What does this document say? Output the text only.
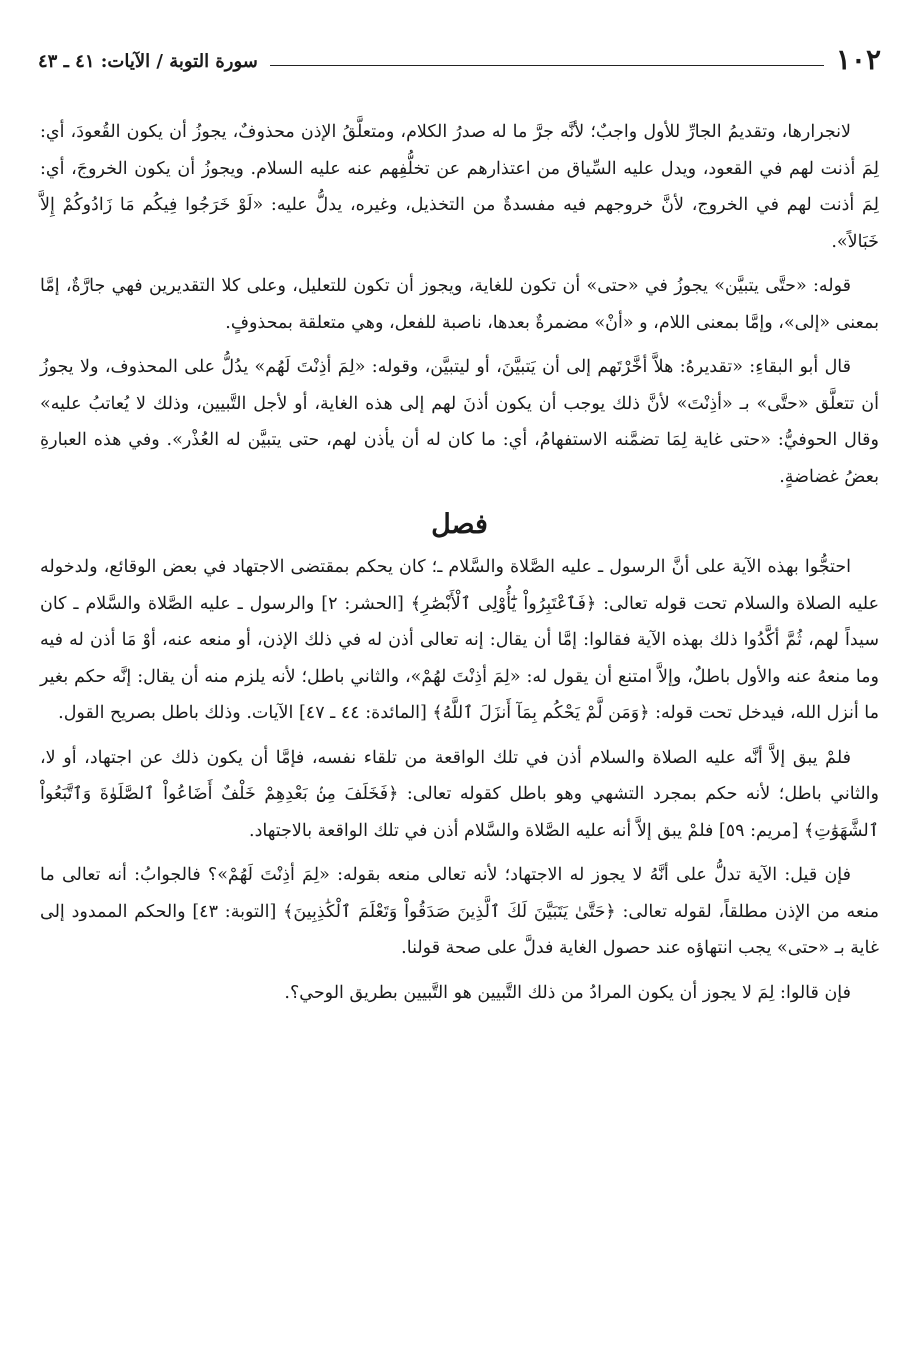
١٠٢
سورة التوبة / الآيات: ٤١ ـ ٤٣

لانجرارها، وتقديمُ الجارِّ للأول واجبٌ؛ لأنَّه جرَّ ما له صدرُ الكلام، ومتعلَّقُ الإذن محذوفٌ، يجوزُ أن يكون القُعودَ، أي: لِمَ أذنت لهم في القعود، ويدل عليه السِّياق من اعتذارهم عن تخلُّفِهم عنه عليه السلام. ويجوزُ أن يكون الخروجَ، أي: لِمَ أذنت لهم في الخروج، لأنَّ خروجهم فيه مفسدةٌ من التخذيل، وغيره، يدلُّ عليه: «لَوْ خَرَجُوا فِيكُم مَا زَادُوكُمْ إِلاَّ خَبَالاً».

قوله: «حتَّى يتبيَّن» يجوزُ في «حتى» أن تكون للغاية، ويجوز أن تكون للتعليل، وعلى كلا التقديرين فهي جارَّةٌ، إمَّا بمعنى «إلى»، وإمَّا بمعنى اللام، و «أنْ» مضمرةٌ بعدها، ناصبة للفعل، وهي متعلقة بمحذوفٍ.

قال أبو البقاءِ: «تقديرهُ: هلاَّ أخَّرْتَهم إلى أن يَتبيَّنَ، أو ليتبيَّن، وقوله: «لِمَ أذِنْتَ لَهُم» يدُلُّ على المحذوف، ولا يجوزُ أن تتعلَّق «حتَّى» بـ «أذِنْتَ» لأنَّ ذلك يوجب أن يكون أذنَ لهم إلى هذه الغاية، أو لأجل التَّبيين، وذلك لا يُعاتبُ عليه» وقال الحوفيُّ: «حتى غاية لِمَا تضمَّنه الاستفهامُ، أي: ما كان له أن يأذن لهم، حتى يتبيَّن له العُذْر». وفي هذه العبارةِ بعضُ غضاضةٍ.

فصل

احتجُّوا بهذه الآية على أنَّ الرسول ـ عليه الصَّلاة والسَّلام ـ؛ كان يحكم بمقتضى الاجتهاد في بعض الوقائع، ولدخوله عليه الصلاة والسلام تحت قوله تعالى: ﴿فَٱعْتَبِرُواْ يَٰٓأُوْلِى ٱلْأَبْصَٰرِ﴾ [الحشر: ٢] والرسول ـ عليه الصَّلاة والسَّلام ـ كان سيداً لهم، ثُمَّ أكَّدُوا ذلك بهذه الآية فقالوا: إمَّا أن يقال: إنه تعالى أذن له في ذلك الإذن، أو منعه عنه، أوْ مَا أذن له فيه وما منعهُ عنه والأول باطلٌ، وإلاَّ امتنع أن يقول له: «لِمَ أذِنْتَ لهُمْ»، والثاني باطل؛ لأنه يلزم منه أن يقال: إنَّه حكم بغير ما أنزل الله، فيدخل تحت قوله: ﴿وَمَن لَّمْ يَحْكُم بِمَآ أَنزَلَ ٱللَّهُ﴾ [المائدة: ٤٤ ـ ٤٧] الآيات. وذلك باطل بصريح القول.

فلمْ يبق إلاَّ أنَّه عليه الصلاة والسلام أذن في تلك الواقعة من تلقاء نفسه، فإمَّا أن يكون ذلك عن اجتهاد، أو لا، والثاني باطل؛ لأنه حكم بمجرد التشهي وهو باطل كقوله تعالى: ﴿فَخَلَفَ مِنۢ بَعْدِهِمْ خَلْفٌ أَضَاعُواْ ٱلصَّلَوٰةَ وَٱتَّبَعُواْ ٱلشَّهَوَٰتِ﴾ [مريم: ٥٩] فلمْ يبق إلاَّ أنه عليه الصَّلاة والسَّلام أذن في تلك الواقعة بالاجتهاد.

فإن قيل: الآية تدلُّ على أنَّهُ لا يجوز له الاجتهاد؛ لأنه تعالى منعه بقوله: «لِمَ أذِنْتَ لَهُمْ»؟ فالجوابُ: أنه تعالى ما منعه من الإذن مطلقاً، لقوله تعالى: ﴿حَتَّىٰ يَتَبَيَّنَ لَكَ ٱلَّذِينَ صَدَقُواْ وَتَعْلَمَ ٱلْكَٰذِبِينَ﴾ [التوبة: ٤٣] والحكم الممدود إلى غاية بـ «حتى» يجب انتهاؤه عند حصول الغاية فدلَّ على صحة قولنا.

فإن قالوا: لِمَ لا يجوز أن يكون المرادُ من ذلك التَّبيين هو التَّبيين بطريق الوحي؟.
